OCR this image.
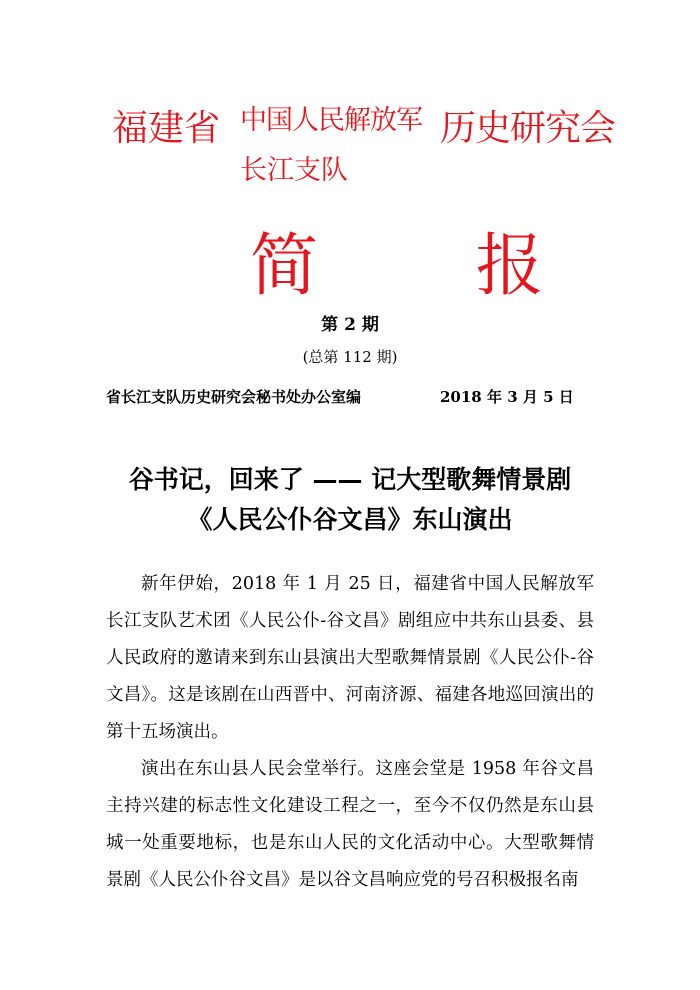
福建省 中国人民解放军 历史研究会
长江支队
简 报
第 2 期
(总第 112 期)
省长江支队历史研究会秘书处办公室编	2018 年 3 月 5 日
谷书记，回来了 —— 记大型歌舞情景剧
《人民公仆谷文昌》东山演出

新年伊始，2018 年 1 月 25 日，福建省中国人民解放军长江支队艺术团《人民公仆-谷文昌》剧组应中共东山县委、县人民政府的邀请来到东山县演出大型歌舞情景剧《人民公仆-谷文昌》。这是该剧在山西晋中、河南济源、福建各地巡回演出的第十五场演出。

演出在东山县人民会堂举行。这座会堂是 1958 年谷文昌主持兴建的标志性文化建设工程之一，至今不仅仍然是东山县城一处重要地标，也是东山人民的文化活动中心。大型歌舞情景剧《人民公仆谷文昌》是以谷文昌响应党的号召积极报名南
